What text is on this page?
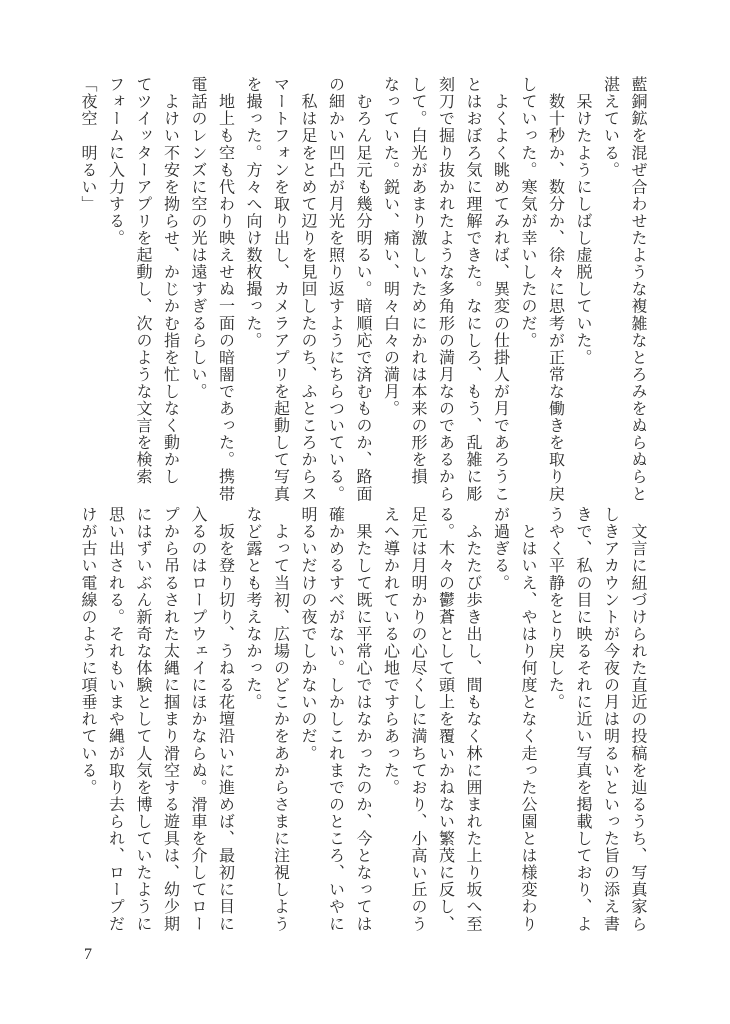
藍銅鉱を混ぜ合わせたような複雑なとろみをぬらぬらと
湛えている。
　呆けたようにしばし虚脱していた。
　数十秒か、数分か、徐々に思考が正常な働きを取り戻
していった。寒気が幸いしたのだ。
　よくよく眺めてみれば、異変の仕掛人が月であろうこ
とはおぼろ気に理解できた。なにしろ、もう、乱雑に彫
刻刀で掘り抜かれたような多角形の満月なのであるから
して。白光があまり激しいためにかれは本来の形を損
なっていた。鋭い、痛い、明々白々の満月。
　むろん足元も幾分明るい。暗順応で済むものか、路面
の細かい凹凸が月光を照り返すようにちらついている。
　私は足をとめて辺りを見回したのち、ふところからス
マートフォンを取り出し、カメラアプリを起動して写真
を撮った。方々へ向け数枚撮った。
　地上も空も代わり映えせぬ一面の暗闇であった。携帯
電話のレンズに空の光は遠すぎるらしい。
　よけい不安を拗らせ、かじかむ指を忙しなく動かし
てツイッターアプリを起動し、次のような文言を検索
フォームに入力する。
「夜空　明るい」
　文言に紐づけられた直近の投稿を辿るうち、写真家ら
しきアカウントが今夜の月は明るいといった旨の添え書
きで、私の目に映るそれに近い写真を掲載しており、よ
うやく平静をとり戻した。
　とはいえ、やはり何度となく走った公園とは様変わり
が過ぎる。
　ふたたび歩き出し、間もなく林に囲まれた上り坂へ至
る。木々の鬱蒼として頭上を覆いかねない繁茂に反し、
足元は月明かりの心尽くしに満ちており、小高い丘のう
えへ導かれている心地ですらあった。
　果たして既に平常心ではなかったのか、今となっては
確かめるすべがない。しかしこれまでのところ、いやに
明るいだけの夜でしかないのだ。
　よって当初、広場のどこかをあからさまに注視しよう
など露とも考えなかった。
　坂を登り切り、うねる花壇沿いに進めば、最初に目に
入るのはロープウェイにほかならぬ。滑車を介してロー
プから吊るされた太縄に掴まり滑空する遊具は、幼少期
にはずいぶん新奇な体験として人気を博していたように
思い出される。それもいまや縄が取り去られ、ロープだ
けが古い電線のように項垂れている。
7
